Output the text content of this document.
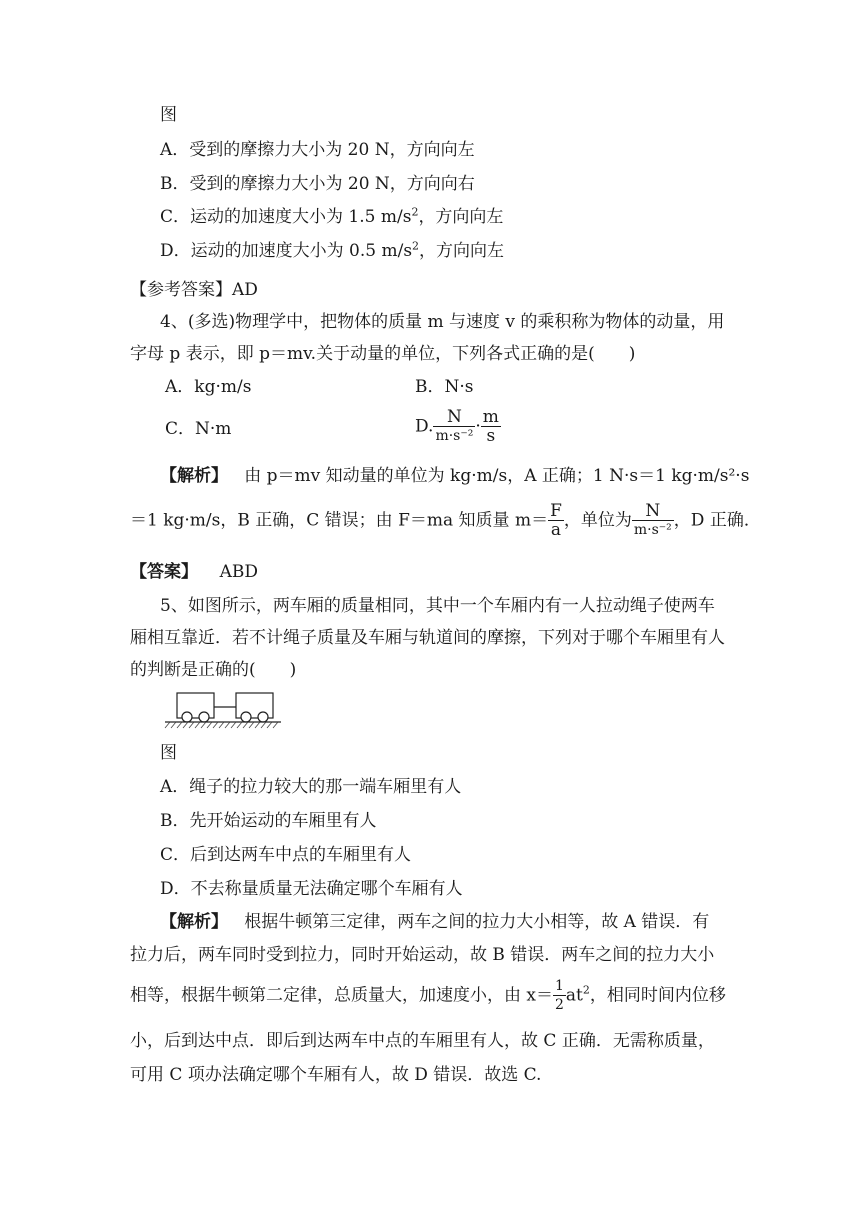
图
A．受到的摩擦力大小为 20 N，方向向左
B．受到的摩擦力大小为 20 N，方向向右
C．运动的加速度大小为 1.5 $m/s^2$，方向向左
D．运动的加速度大小为 0.5 $m/s^2$，方向向左
【参考答案】AD
4、(多选)物理学中，把物体的质量 m 与速度 v 的乘积称为物体的动量，用
字母 p 表示，即 p＝mv.关于动量的单位，下列各式正确的是(　　)
A．kg·m/s	B．N·s
C．N·m	D. $\frac{N}{\text{m·s⁻²}} \cdot \frac{m}{s}$
【解析】 由 p＝mv 知动量的单位为 kg·m/s，A 正确；1 N·s＝1 kg·m/s²·s
＝1 kg·m/s，B 正确，C 错误；由 F＝ma 知质量 $m= \frac{F}{a}$ ，单位为 $\frac{N}{\text{m·s⁻²}}$ ，D 正确．
【答案】 ABD
5、如图所示，两车厢的质量相同，其中一个车厢内有一人拉动绳子使两车
厢相互靠近．若不计绳子质量及车厢与轨道间的摩擦，下列对于哪个车厢里有人
的判断是正确的(　　)
图
A．绳子的拉力较大的那一端车厢里有人
B．先开始运动的车厢里有人
C．后到达两车中点的车厢里有人
D．不去称量质量无法确定哪个车厢有人
【解析】 根据牛顿第三定律，两车之间的拉力大小相等，故 A 错误．有
拉力后，两车同时受到拉力，同时开始运动，故 B 错误．两车之间的拉力大小
相等，根据牛顿第二定律，总质量大，加速度小，由 $x= \frac{1}{2} at^2$，相同时间内位移
小，后到达中点．即后到达两车中点的车厢里有人，故 C 正确．无需称质量，
可用 C 项办法确定哪个车厢有人，故 D 错误．故选 C.
